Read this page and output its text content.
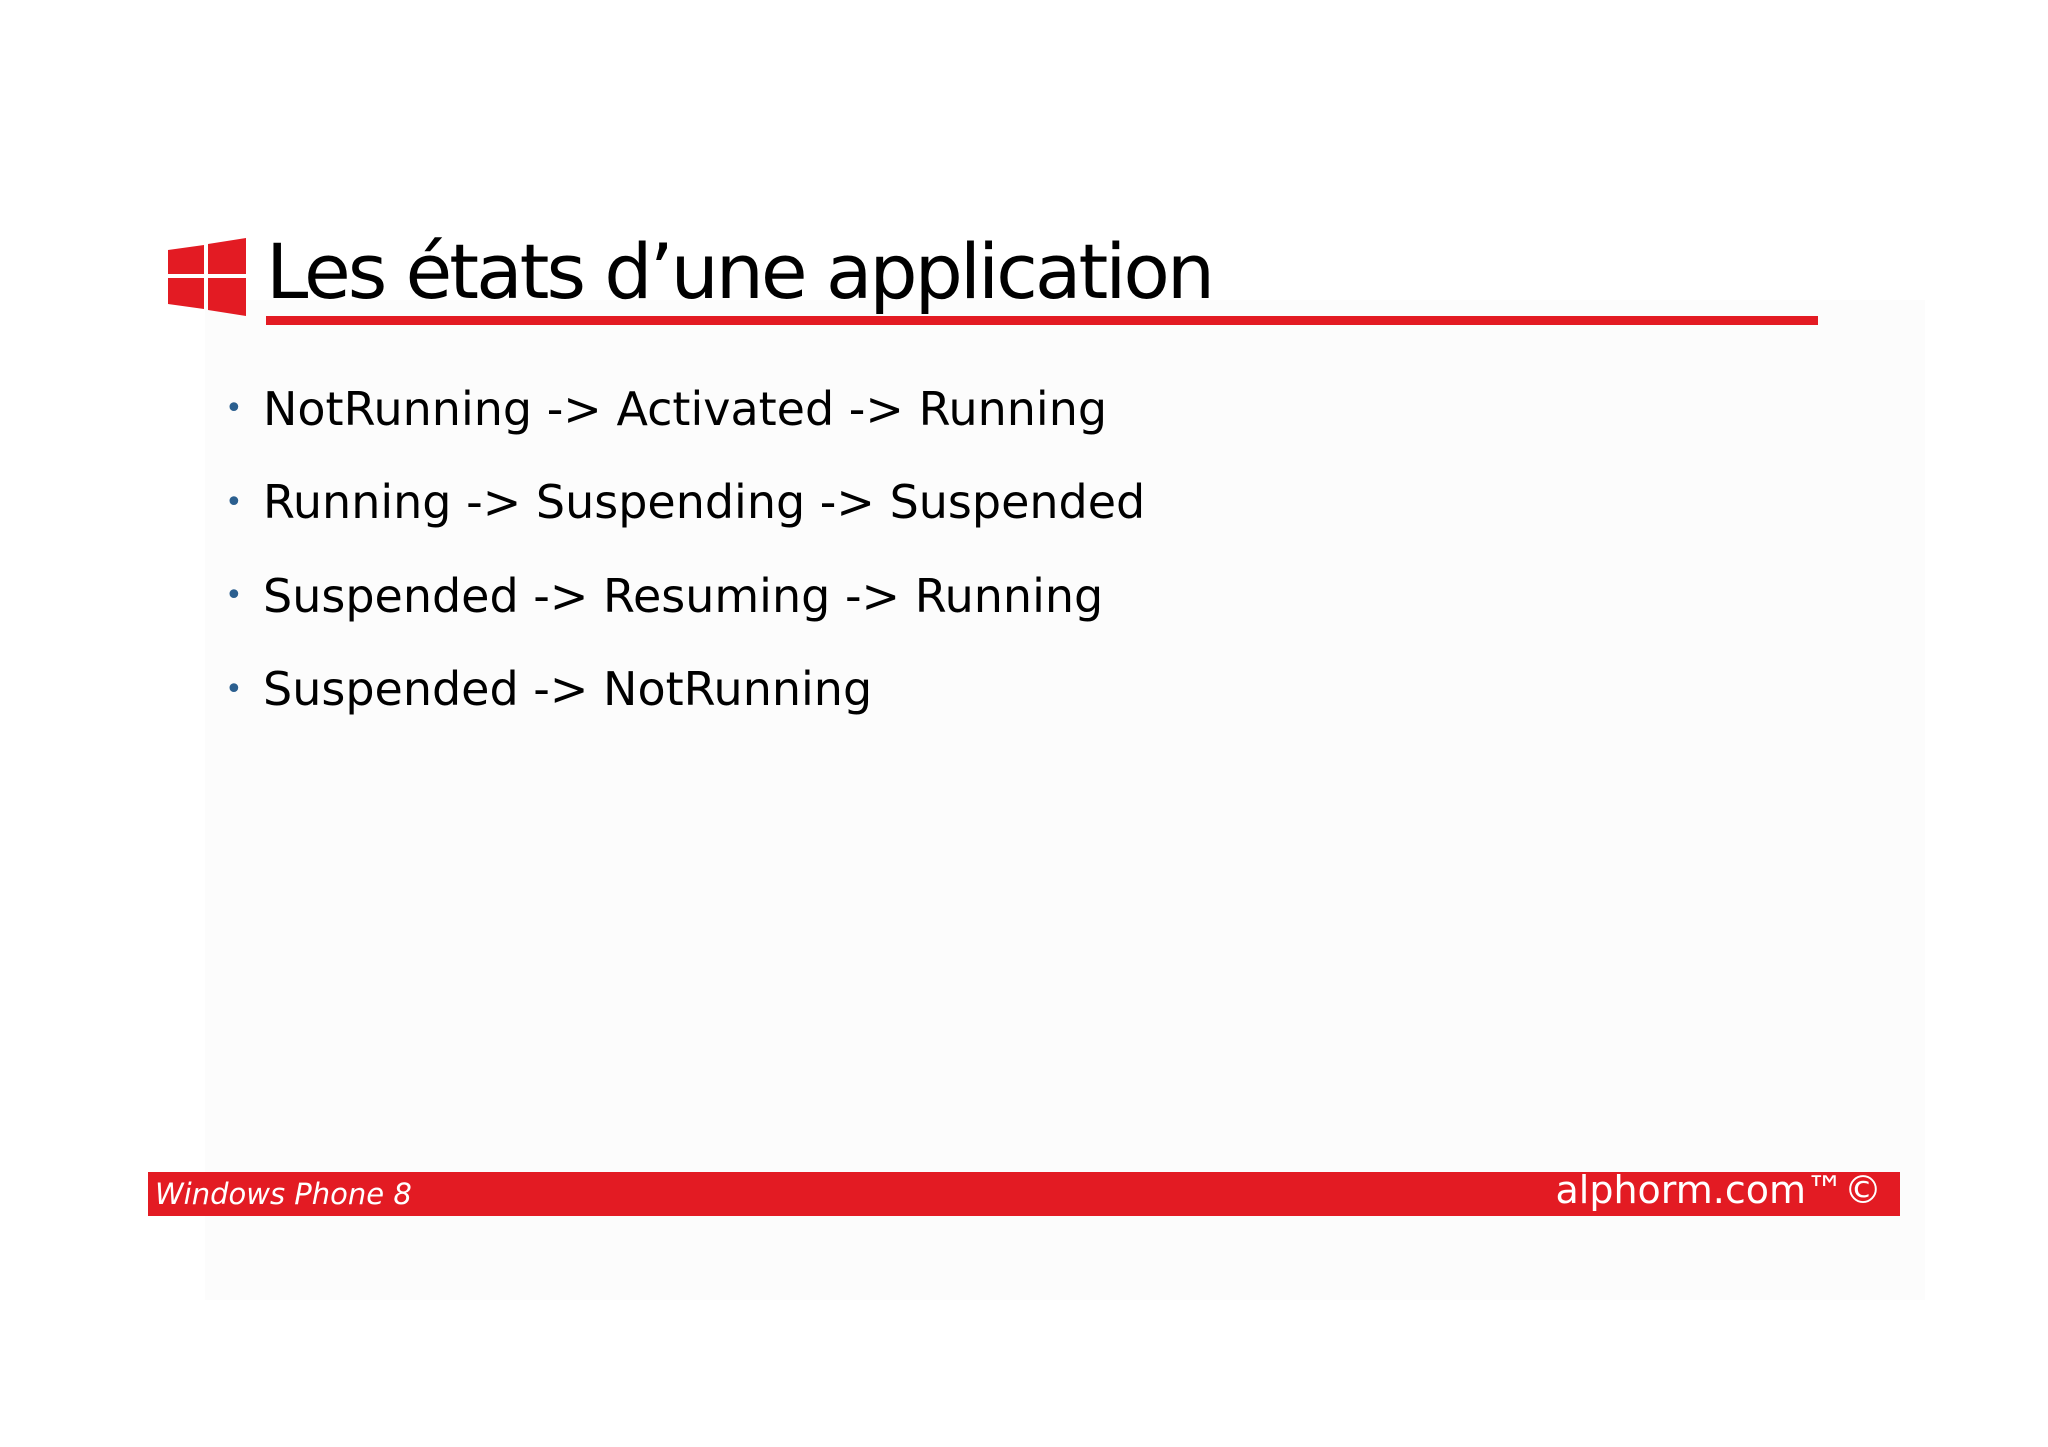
Les états d’une application
• NotRunning -> Activated -> Running
• Running -> Suspending -> Suspended
• Suspended -> Resuming -> Running
• Suspended -> NotRunning
Windows Phone 8	alphorm.com™©
